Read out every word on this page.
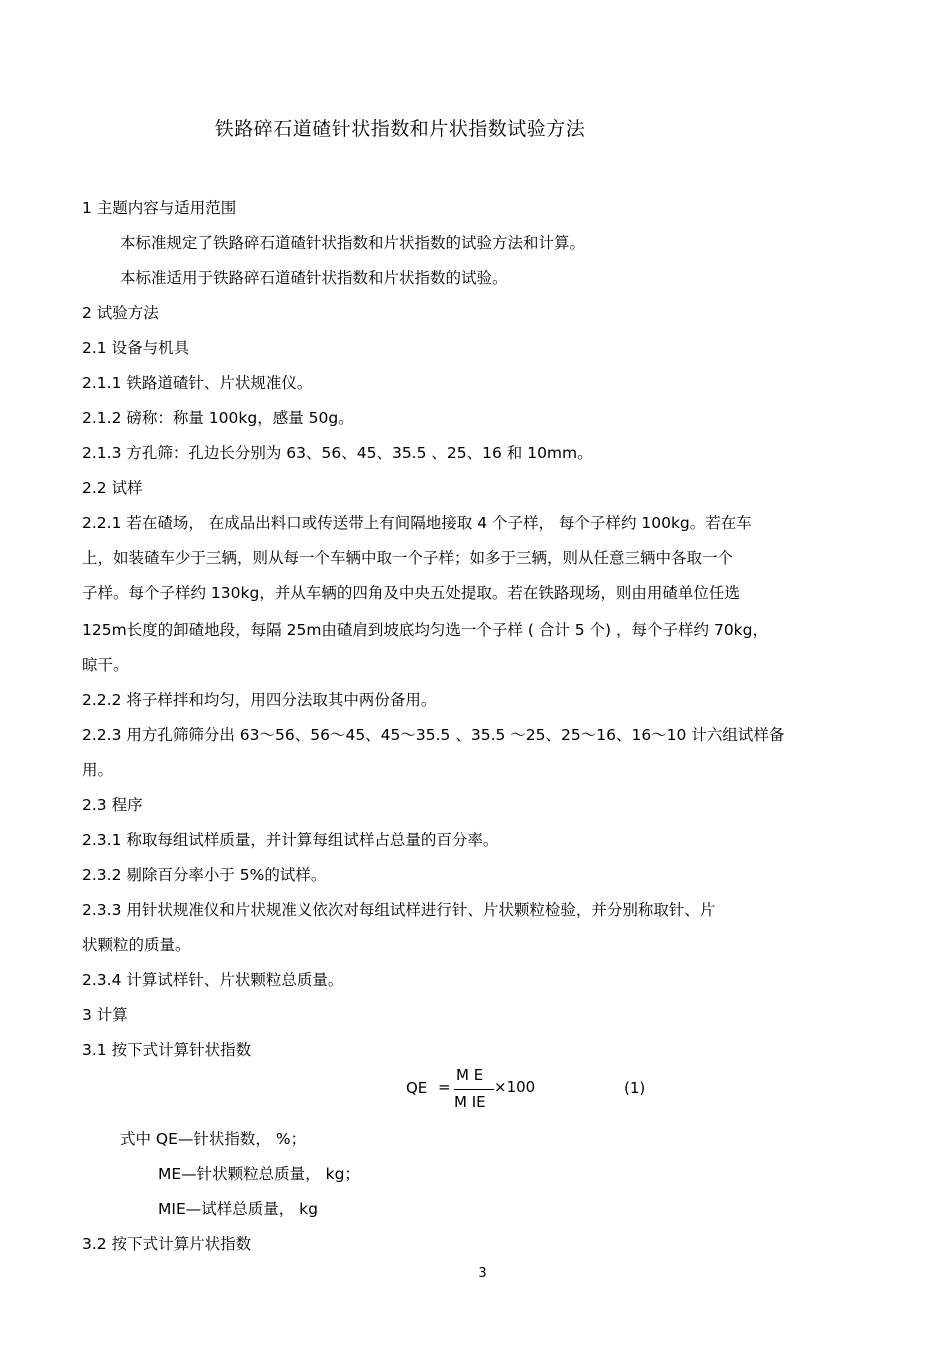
铁路碎石道碴针状指数和片状指数试验方法
1 主题内容与适用范围
本标准规定了铁路碎石道碴针状指数和片状指数的试验方法和计算。
本标准适用于铁路碎石道碴针状指数和片状指数的试验。
2 试验方法
2.1 设备与机具
2.1.1 铁路道碴针、片状规准仪。
2.1.2 磅称：称量 100kg，感量 50g。
2.1.3 方孔筛：孔边长分别为 63、56、45、35.5 、25、16 和 10mm。
2.2 试样
2.2.1 若在碴场， 在成品出料口或传送带上有间隔地接取 4 个子样， 每个子样约 100kg。若在车
上，如装碴车少于三辆，则从每一个车辆中取一个子样；如多于三辆，则从任意三辆中各取一个
子样。每个子样约 130kg，并从车辆的四角及中央五处提取。若在铁路现场，则由用碴单位任选
125m长度的卸碴地段，每隔 25m由碴肩到坡底均匀选一个子样 ( 合计 5 个) ，每个子样约 70kg，
晾干。
2.2.2 将子样拌和均匀，用四分法取其中两份备用。
2.2.3 用方孔筛筛分出 63～56、56～45、45～35.5 、35.5 ～25、25～16、16～10 计六组试样备
用。
2.3 程序
2.3.1 称取每组试样质量，并计算每组试样占总量的百分率。
2.3.2 剔除百分率小于 5%的试样。
2.3.3 用针状规准仪和片状规准义依次对每组试样进行针、片状颗粒检验，并分别称取针、片
状颗粒的质量。
2.3.4 计算试样针、片状颗粒总质量。
3 计算
3.1 按下式计算针状指数
式中 QE—针状指数， %；
ME—针状颗粒总质量， kg；
MIE—试样总质量， kg
3.2 按下式计算片状指数
QE =
M E
M IE
×100	(1)
3
